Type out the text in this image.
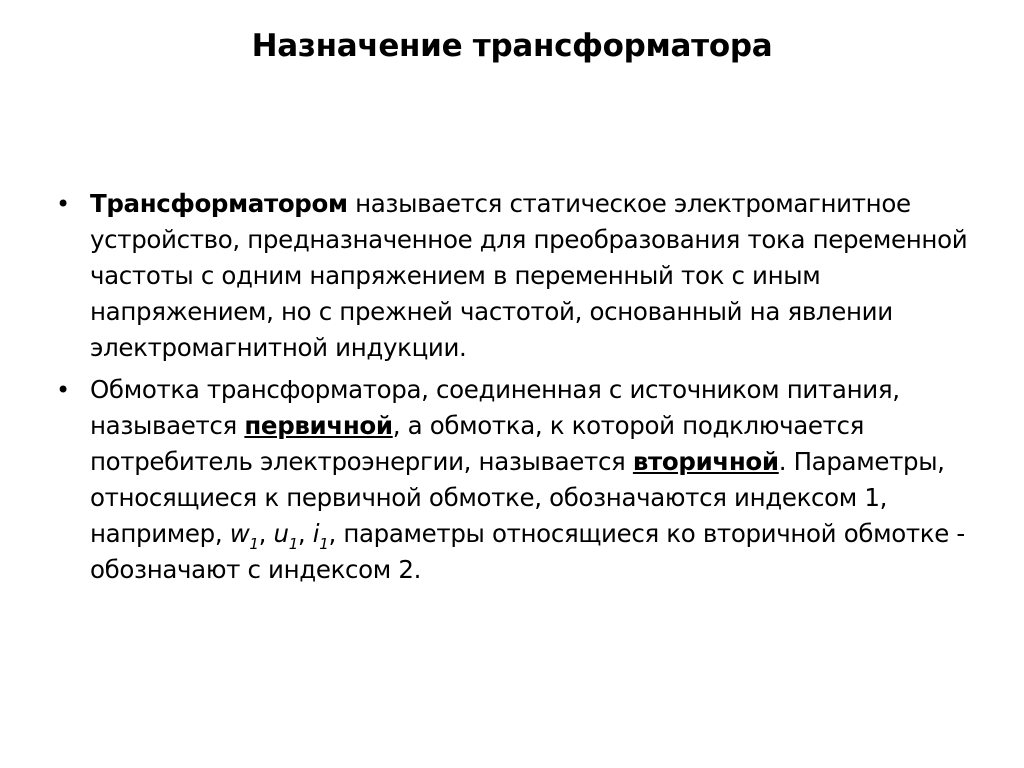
Назначение трансформатора
• Трансформатором называется статическое электромагнитное устройство, предназначенное для преобразования тока переменной частоты с одним напряжением в переменный ток с иным напряжением, но с прежней частотой, основанный на явлении электромагнитной индукции.
• Обмотка трансформатора, соединенная с источником питания, называется первичной, а обмотка, к которой подключается потребитель электроэнергии, называется вторичной. Параметры, относящиеся к первичной обмотке, обозначаются индексом 1, например, $w_1$, $u_1$, $i_1$, параметры относящиеся ко вторичной обмотке - обозначают с индексом 2.
